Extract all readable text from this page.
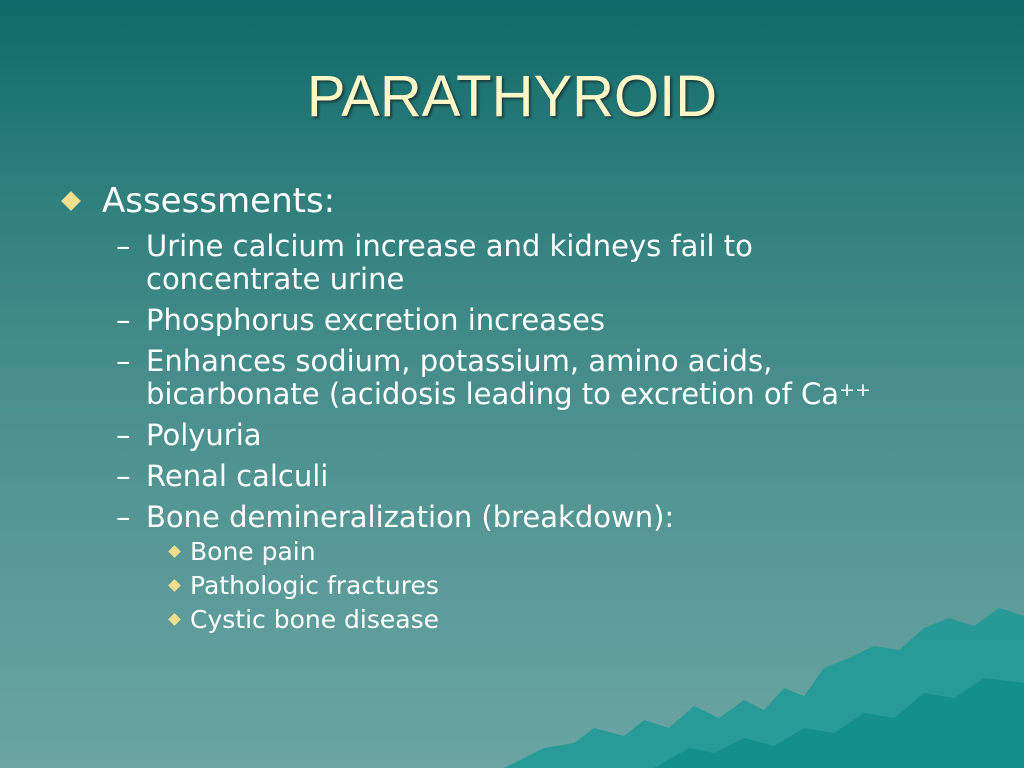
PARATHYROID
Assessments:
– Urine calcium increase and kidneys fail to concentrate urine
– Phosphorus excretion increases
– Enhances sodium, potassium, amino acids, bicarbonate (acidosis leading to excretion of Ca++
– Polyuria
– Renal calculi
– Bone demineralization (breakdown):
Bone pain
Pathologic fractures
Cystic bone disease
